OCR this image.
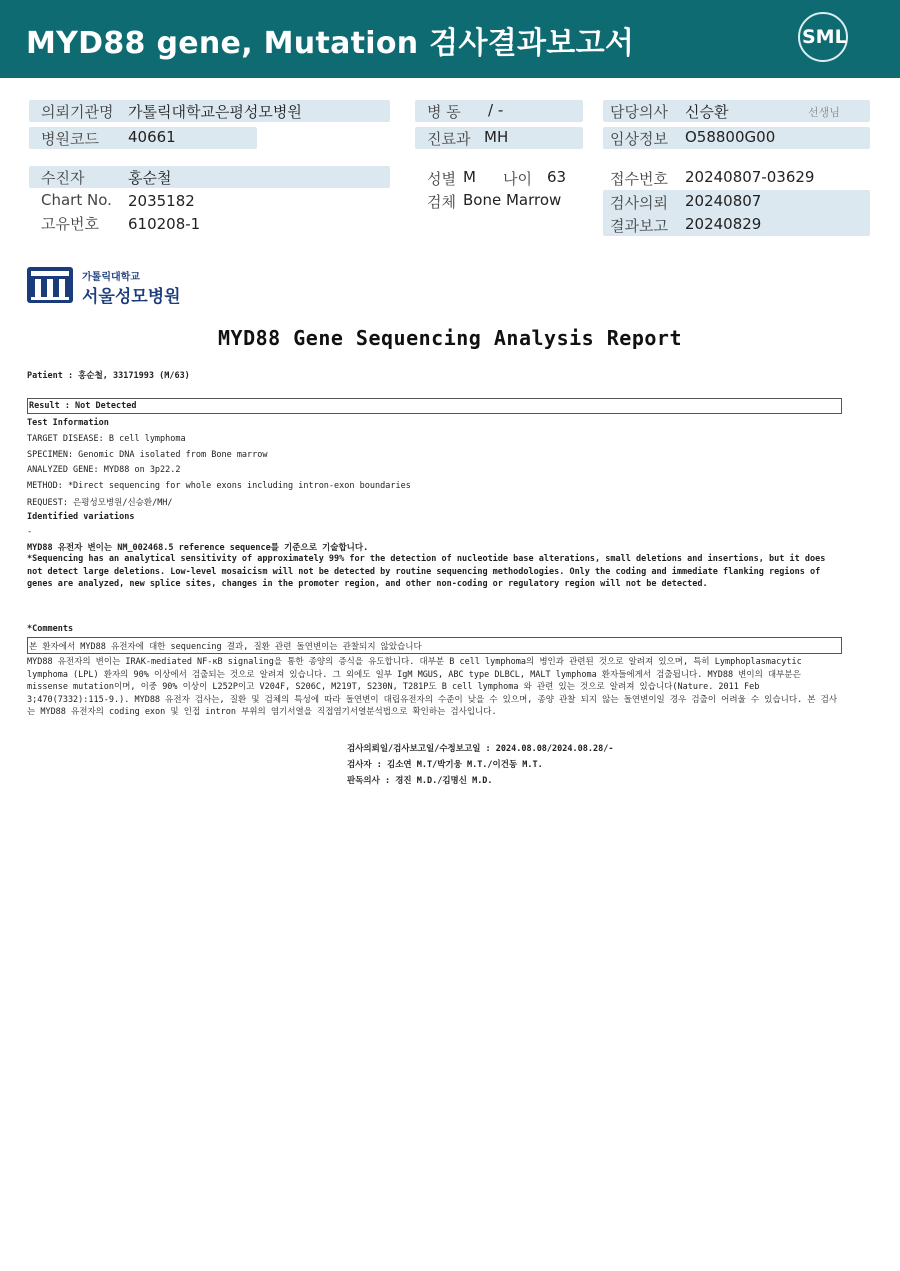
MYD88 gene, Mutation 검사결과보고서	SML
의뢰기관명 가톨릭대학교은평성모병원	병 동 / -	담당의사 신승환	선생님
병원코드 40661	진료과 MH	임상정보 O58800G00
수진자	홍순철	성별 M 나이 63	접수번호 20240807-03629
Chart No. 2035182	검체 Bone Marrow	검사의뢰 20240807
고유번호 610208-1	결과보고 20240829
가톨릭대학교
서울성모병원
MYD88 Gene Sequencing Analysis Report
Patient : 홍순철, 33171993 (M/63)
Result : Not Detected
Test Information
TARGET DISEASE: B cell lymphoma
SPECIMEN: Genomic DNA isolated from Bone marrow
ANALYZED GENE: MYD88 on 3p22.2
METHOD: *Direct sequencing for whole exons including intron-exon boundaries
REQUEST: 은평성모병원/신승환/MH/
Identified variations
-
MYD88 유전자 변이는 NM_002468.5 reference sequence를 기준으로 기술합니다.
*Sequencing has an analytical sensitivity of approximately 99% for the detection of nucleotide base alterations, small deletions and insertions, but it does not detect large deletions. Low-level mosaicism will not be detected by routine sequencing methodologies. Only the coding and immediate flanking regions of genes are analyzed, new splice sites, changes in the promoter region, and other non-coding or regulatory region will not be detected.
*Comments
본 환자에서 MYD88 유전자에 대한 sequencing 결과, 질환 관련 돌연변이는 관찰되지 않았습니다
MYD88 유전자의 변이는 IRAK-mediated NF-κB signaling을 통한 종양의 증식을 유도합니다. 대부분 B cell lymphoma의 병인과 관련된 것으로 알려져 있으며, 특히 Lymphoplasmacytic lymphoma (LPL) 환자의 90% 이상에서 검출되는 것으로 알려져 있습니다. 그 외에도 일부 IgM MGUS, ABC type DLBCL, MALT lymphoma 환자들에게서 검출됩니다. MYD88 변이의 대부분은 missense mutation이며, 이중 90% 이상이 L252P이고 V204F, S206C, M219T, S230N, T281P도 B cell lymphoma 와 관련 있는 것으로 알려져 있습니다(Nature. 2011 Feb 3;470(7332):115-9.). MYD88 유전자 검사는, 질환 및 검체의 특성에 따라 돌연변이 대립유전자의 수준이 낮을 수 있으며, 종양 관찰 되지 않는 돌연변이일 경우 검출이 어려울 수 있습니다. 본 검사는 MYD88 유전자의 coding exon 및 인접 intron 부위의 염기서열을 직접염기서열분석법으로 확인하는 검사입니다.
검사의뢰일/검사보고일/수정보고일 : 2024.08.08/2024.08.28/-
검사자 : 김소연 M.T/박기웅 M.T./이건동 M.T.
판독의사 : 경진 M.D./김명신 M.D.
